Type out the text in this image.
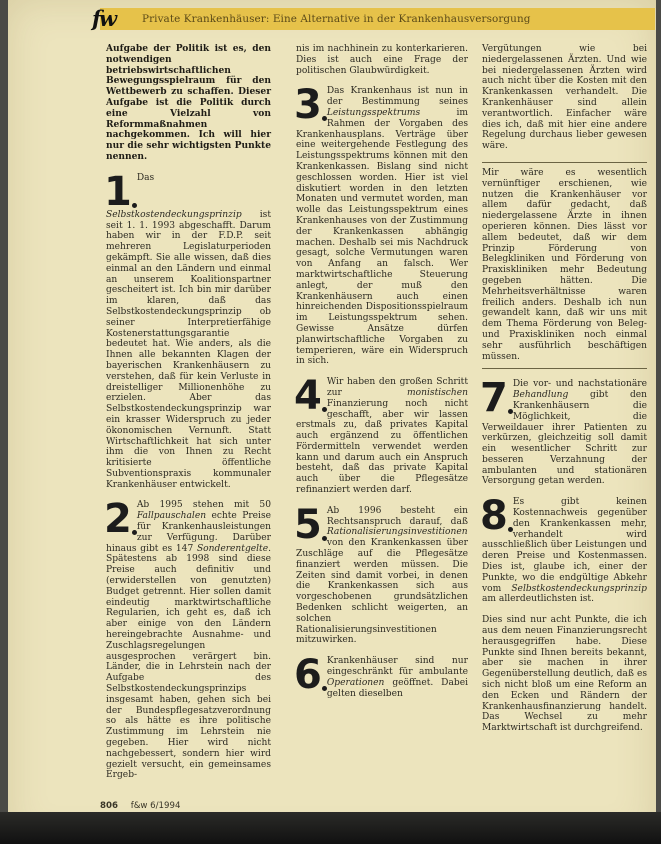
fw	Private Krankenhäuser: Eine Alternative in der Krankenhausversorgung

Aufgabe der Politik ist es, den notwendigen betriebswirtschaftlichen Bewegungsspielraum für den Wettbewerb zu schaffen. Dieser Aufgabe ist die Politik durch eine Vielzahl von Reformmaßnahmen nachgekommen. Ich will hier nur die sehr wichtigsten Punkte nennen.

1 Das Selbstkostendeckungsprinzip ist seit 1. 1. 1993 abgeschafft. Darum haben wir in der F.D.P. seit mehreren Legislaturperioden gekämpft. Sie alle wissen, daß dies einmal an den Ländern und einmal an unserem Koalitionspartner gescheitert ist. Ich bin mir darüber im klaren, daß das Selbstkostendeckungsprinzip ob seiner Interpretierfähige Kostenerstattungsgarantie bedeutet hat. Wie anders, als die Ihnen alle bekannten Klagen der bayerischen Krankenhäusern zu verstehen, daß für kein Verluste in dreistelliger Millionenhöhe zu erzielen. Aber das Selbstkostendeckungsprinzip war ein krasser Widerspruch zu jeder ökonomischen Vernunft. Statt Wirtschaftlichkeit hat sich unter ihm die von Ihnen zu Recht kritisierte öffentliche Subventionspraxis kommunaler Krankenhäuser entwickelt.

2 Ab 1995 stehen mit 50 Fallpauschalen echte Preise für Krankenhausleistungen zur Verfügung. Darüber hinaus gibt es 147 Sonderentgelte. Spätestens ab 1998 sind diese Preise auch definitiv und (erwiderstellen von genutzten) Budget getrennt. Hier sollen damit eindeutig marktwirtschaftliche Regularien, ich geht es, daß ich aber einige von den Ländern hereingebrachte Ausnahme- und Zuschlagsregelungen ausgesprochen verärgert bin. Länder, die in Lehrstein nach der Aufgabe des Selbstkostendeckungsprinzips insgesamt haben, gehen sich bei der Bundespflegesatzverordnung so als hätte es ihre politische Zustimmung im Lehrstein nie gegeben. Hier wird nicht nachgebessert, sondern hier wird gezielt versucht, ein gemeinsames Ergeb-

nis im nachhinein zu konterkarieren. Dies ist auch eine Frage der politischen Glaubwürdigkeit.

3 Das Krankenhaus ist nun in der Bestimmung seines Leistungsspektrums im Rahmen der Vorgaben des Krankenhausplans. Verträge über eine weitergehende Festlegung des Leistungsspektrums können mit den Krankenkassen. Bislang sind nicht geschlossen worden. Hier ist viel diskutiert worden in den letzten Monaten und vermutet worden, man wolle das Leistungsspektrum eines Krankenhauses von der Zustimmung der Krankenkassen abhängig machen. Deshalb sei mis Nachdruck gesagt, solche Vermutungen waren von Anfang an falsch. Wer marktwirtschaftliche Steuerung anlegt, der muß den Krankenhäusern auch einen hinreichenden Dispositionsspielraum im Leistungsspektrum sehen. Gewisse Ansätze dürfen planwirtschaftliche Vorgaben zu temperieren, wäre ein Widerspruch in sich.

4 Wir haben den großen Schritt zur monistischen Finanzierung noch nicht geschafft, aber wir lassen erstmals zu, daß privates Kapital auch ergänzend zu öffentlichen Fördermitteln verwendet werden kann und darum auch ein Anspruch besteht, daß das private Kapital auch über die Pflegesätze refinanziert werden darf.

5 Ab 1996 besteht ein Rechtsanspruch darauf, daß Rationalisierungsinvestitionen von den Krankenkassen über Zuschläge auf die Pflegesätze finanziert werden müssen. Die Zeiten sind damit vorbei, in denen die Krankenkassen sich aus vorgeschobenen grundsätzlichen Bedenken schlicht weigerten, an solchen Rationalisierungsinvestitionen mitzuwirken.

6 Krankenhäuser sind nur eingeschränkt für ambulante Operationen geöffnet. Dabei gelten dieselben

Vergütungen wie bei niedergelassenen Ärzten. Und wie bei niedergelassenen Ärzten wird auch nicht über die Kosten mit den Krankenkassen verhandelt. Die Krankenhäuser sind allein verantwortlich. Einfacher wäre dies ich, daß mit hier eine andere Regelung durchaus lieber gewesen wäre.

Mir wäre es wesentlich vernünftiger erschienen, wie nutzen die Krankenhäuser vor allem dafür gedacht, daß niedergelassene Ärzte in ihnen operieren können. Dies lässt vor allem bedeutet, daß wir dem Prinzip Förderung von Belegkliniken und Förderung von Praxiskliniken mehr Bedeutung gegeben hätten. Die Mehrheitsverhältnisse waren freilich anders. Deshalb ich nun gewandelt kann, daß wir uns mit dem Thema Förderung von Beleg- und Praxiskliniken noch einmal sehr ausführlich beschäftigen müssen.

7 Die vor- und nachstationäre Behandlung gibt den Krankenhäusern die Möglichkeit, die Verweildauer ihrer Patienten zu verkürzen, gleichzeitig soll damit ein wesentlicher Schritt zur besseren Verzahnung der ambulanten und stationären Versorgung getan werden.

8 Es gibt keinen Kostennachweis gegenüber den Krankenkassen mehr, verhandelt wird ausschließlich über Leistungen und deren Preise und Kostenmassen. Dies ist, glaube ich, einer der Punkte, wo die endgültige Abkehr vom Selbstkostendeckungsprinzip am allerdeutlichsten ist.

Dies sind nur acht Punkte, die ich aus dem neuen Finanzierungsrecht herausgegriffen habe. Diese Punkte sind Ihnen bereits bekannt, aber sie machen in ihrer Gegenüberstellung deutlich, daß es sich nicht bloß um eine Reform an den Ecken und Rändern der Krankenhausfinanzierung handelt. Das Wechsel zu mehr Marktwirtschaft ist durchgreifend.

806 f&w 6/1994
